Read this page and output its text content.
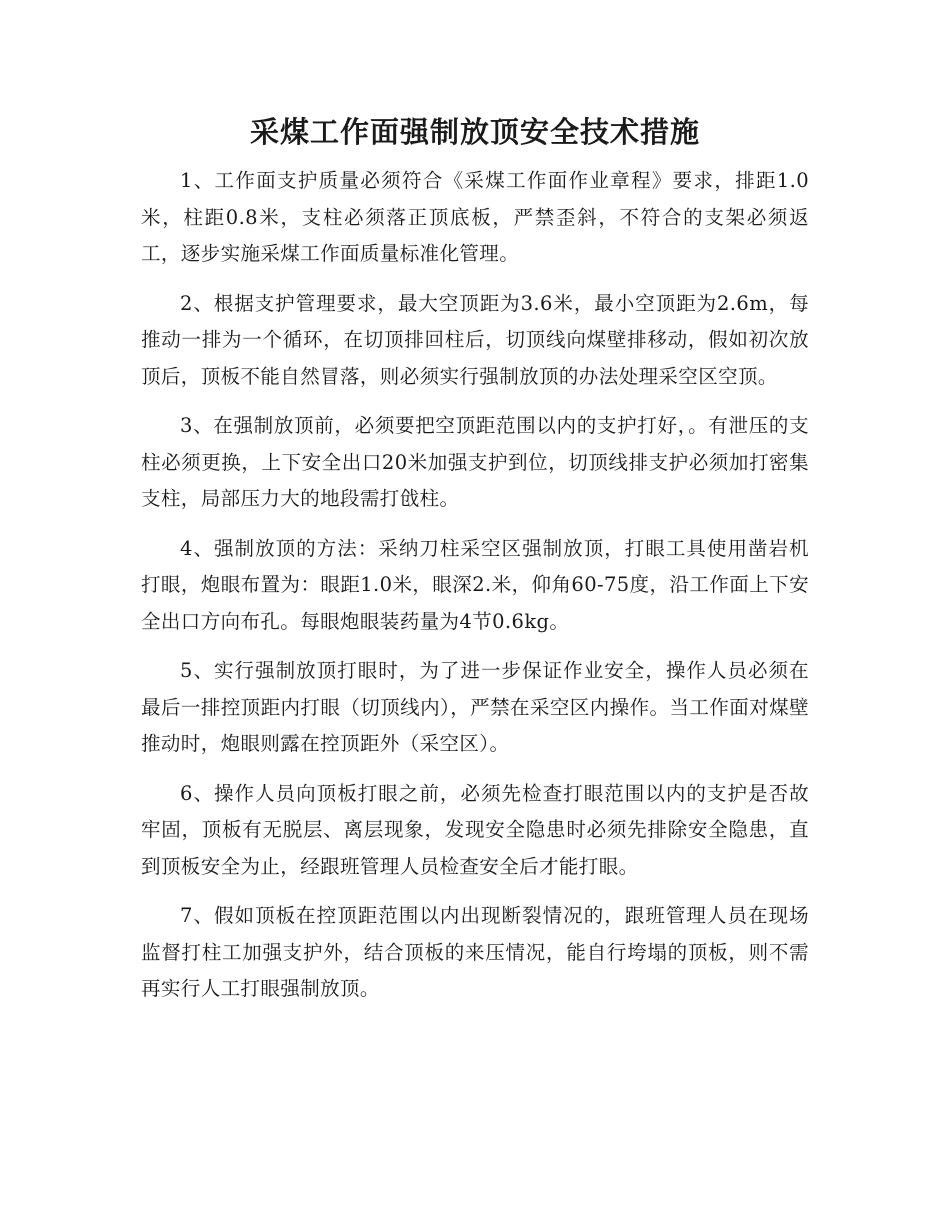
采煤工作面强制放顶安全技术措施

1、工作面支护质量必须符合《采煤工作面作业章程》要求，排距1.0米，柱距0.8米，支柱必须落正顶底板，严禁歪斜，不符合的支架必须返工，逐步实施采煤工作面质量标准化管理。

2、根据支护管理要求，最大空顶距为3.6米，最小空顶距为2.6m，每推动一排为一个循环，在切顶排回柱后，切顶线向煤壁排移动，假如初次放顶后，顶板不能自然冒落，则必须实行强制放顶的办法处理采空区空顶。

3、在强制放顶前，必须要把空顶距范围以内的支护打好，。有泄压的支柱必须更换，上下安全出口20米加强支护到位，切顶线排支护必须加打密集支柱，局部压力大的地段需打戗柱。

4、强制放顶的方法：采纳刀柱采空区强制放顶，打眼工具使用凿岩机打眼，炮眼布置为：眼距1.0米，眼深2.米，仰角60-75度，沿工作面上下安全出口方向布孔。每眼炮眼装药量为4节0.6kg。

5、实行强制放顶打眼时，为了进一步保证作业安全，操作人员必须在最后一排控顶距内打眼（切顶线内），严禁在采空区内操作。当工作面对煤壁推动时，炮眼则露在控顶距外（采空区）。

6、操作人员向顶板打眼之前，必须先检查打眼范围以内的支护是否故牢固，顶板有无脱层、离层现象，发现安全隐患时必须先排除安全隐患，直到顶板安全为止，经跟班管理人员检查安全后才能打眼。

7、假如顶板在控顶距范围以内出现断裂情况的，跟班管理人员在现场监督打柱工加强支护外，结合顶板的来压情况，能自行垮塌的顶板，则不需再实行人工打眼强制放顶。
